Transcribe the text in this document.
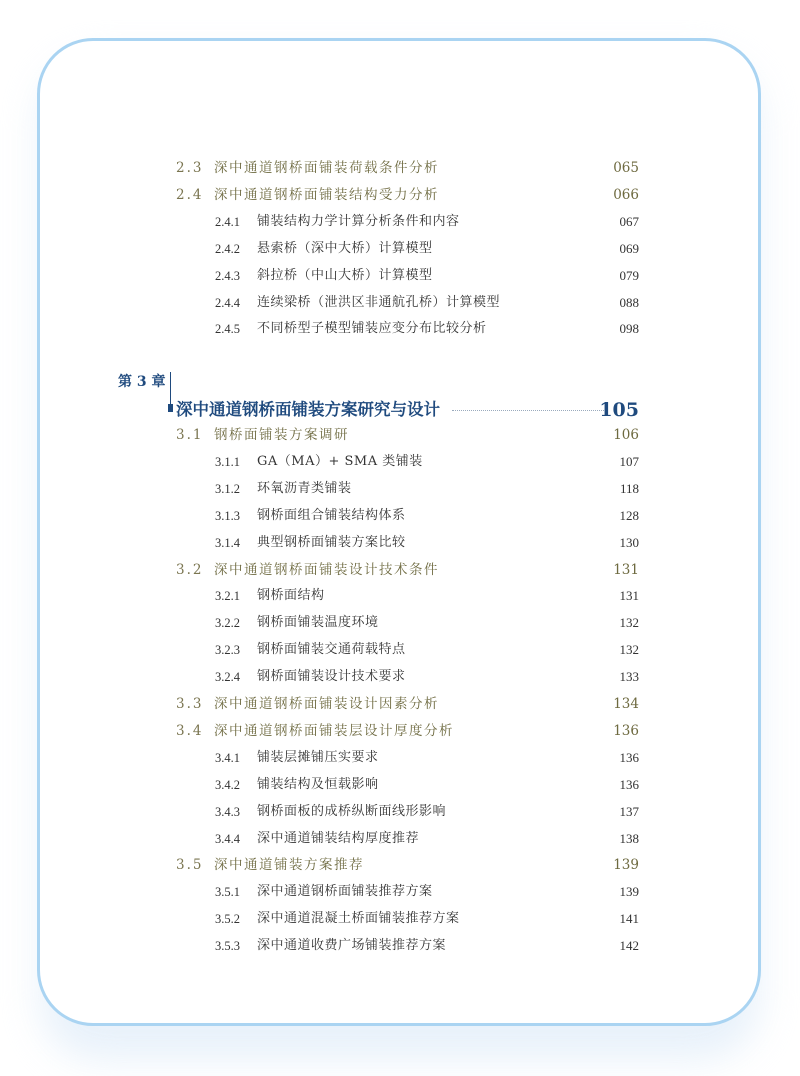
2.3 深中通道钢桥面铺装荷载条件分析	065
2.4 深中通道钢桥面铺装结构受力分析	066
2.4.1 铺装结构力学计算分析条件和内容	067
2.4.2 悬索桥（深中大桥）计算模型	069
2.4.3 斜拉桥（中山大桥）计算模型	079
2.4.4 连续梁桥（泄洪区非通航孔桥）计算模型	088
2.4.5 不同桥型子模型铺装应变分布比较分析	098
第 3 章
深中通道钢桥面铺装方案研究与设计	105
3.1 钢桥面铺装方案调研	106
3.1.1 GA（MA）+ SMA 类铺装	107
3.1.2 环氧沥青类铺装	118
3.1.3 钢桥面组合铺装结构体系	128
3.1.4 典型钢桥面铺装方案比较	130
3.2 深中通道钢桥面铺装设计技术条件	131
3.2.1 钢桥面结构	131
3.2.2 钢桥面铺装温度环境	132
3.2.3 钢桥面铺装交通荷载特点	132
3.2.4 钢桥面铺装设计技术要求	133
3.3 深中通道钢桥面铺装设计因素分析	134
3.4 深中通道钢桥面铺装层设计厚度分析	136
3.4.1 铺装层摊铺压实要求	136
3.4.2 铺装结构及恒载影响	136
3.4.3 钢桥面板的成桥纵断面线形影响	137
3.4.4 深中通道铺装结构厚度推荐	138
3.5 深中通道铺装方案推荐	139
3.5.1 深中通道钢桥面铺装推荐方案	139
3.5.2 深中通道混凝土桥面铺装推荐方案	141
3.5.3 深中通道收费广场铺装推荐方案	142
